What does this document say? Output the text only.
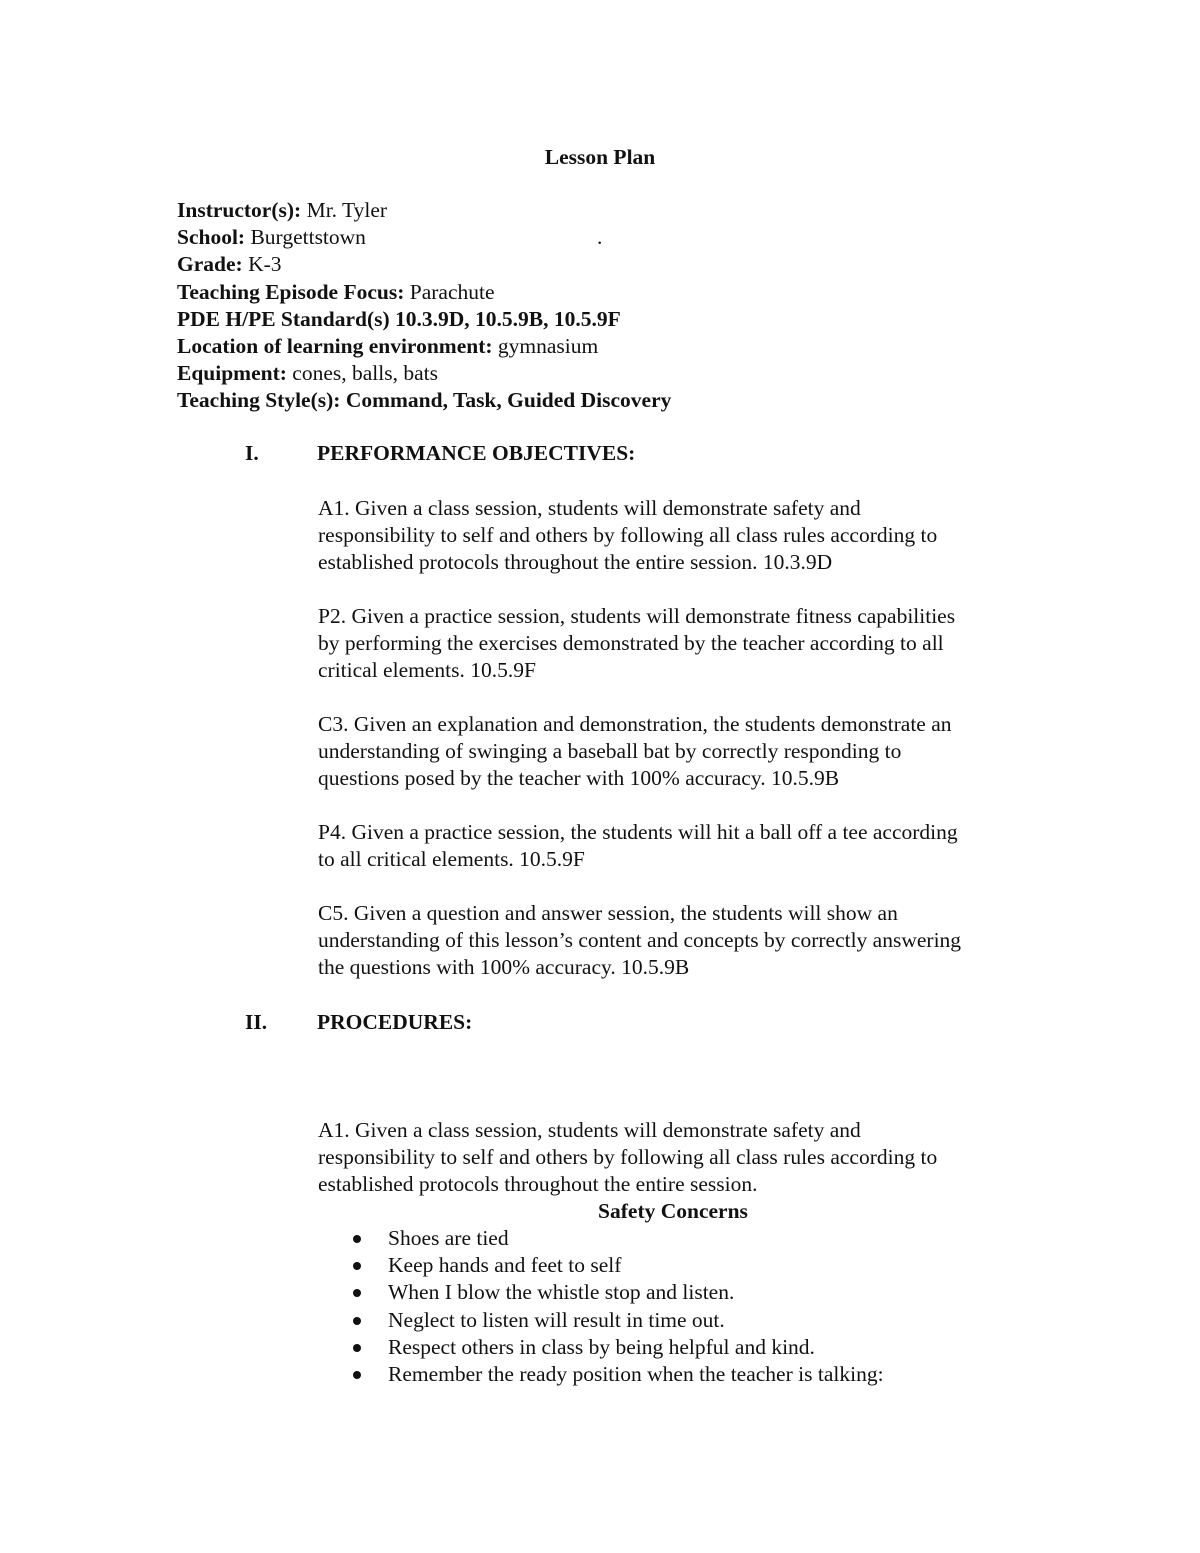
Lesson Plan
Instructor(s): Mr. Tyler
School: Burgettstown	.
Grade: K-3
Teaching Episode Focus: Parachute
PDE H/PE Standard(s) 10.3.9D, 10.5.9B, 10.5.9F
Location of learning environment: gymnasium
Equipment: cones, balls, bats
Teaching Style(s): Command, Task, Guided Discovery
I.	PERFORMANCE OBJECTIVES:
A1. Given a class session, students will demonstrate safety and
responsibility to self and others by following all class rules according to
established protocols throughout the entire session. 10.3.9D
P2. Given a practice session, students will demonstrate fitness capabilities
by performing the exercises demonstrated by the teacher according to all
critical elements. 10.5.9F
C3. Given an explanation and demonstration, the students demonstrate an
understanding of swinging a baseball bat by correctly responding to
questions posed by the teacher with 100% accuracy. 10.5.9B
P4. Given a practice session, the students will hit a ball off a tee according
to all critical elements. 10.5.9F
C5. Given a question and answer session, the students will show an
understanding of this lesson’s content and concepts by correctly answering
the questions with 100% accuracy. 10.5.9B
II. PROCEDURES:
A1. Given a class session, students will demonstrate safety and
responsibility to self and others by following all class rules according to
established protocols throughout the entire session.
Safety Concerns
Shoes are tied
Keep hands and feet to self
When I blow the whistle stop and listen.
Neglect to listen will result in time out.
Respect others in class by being helpful and kind.
Remember the ready position when the teacher is talking:
